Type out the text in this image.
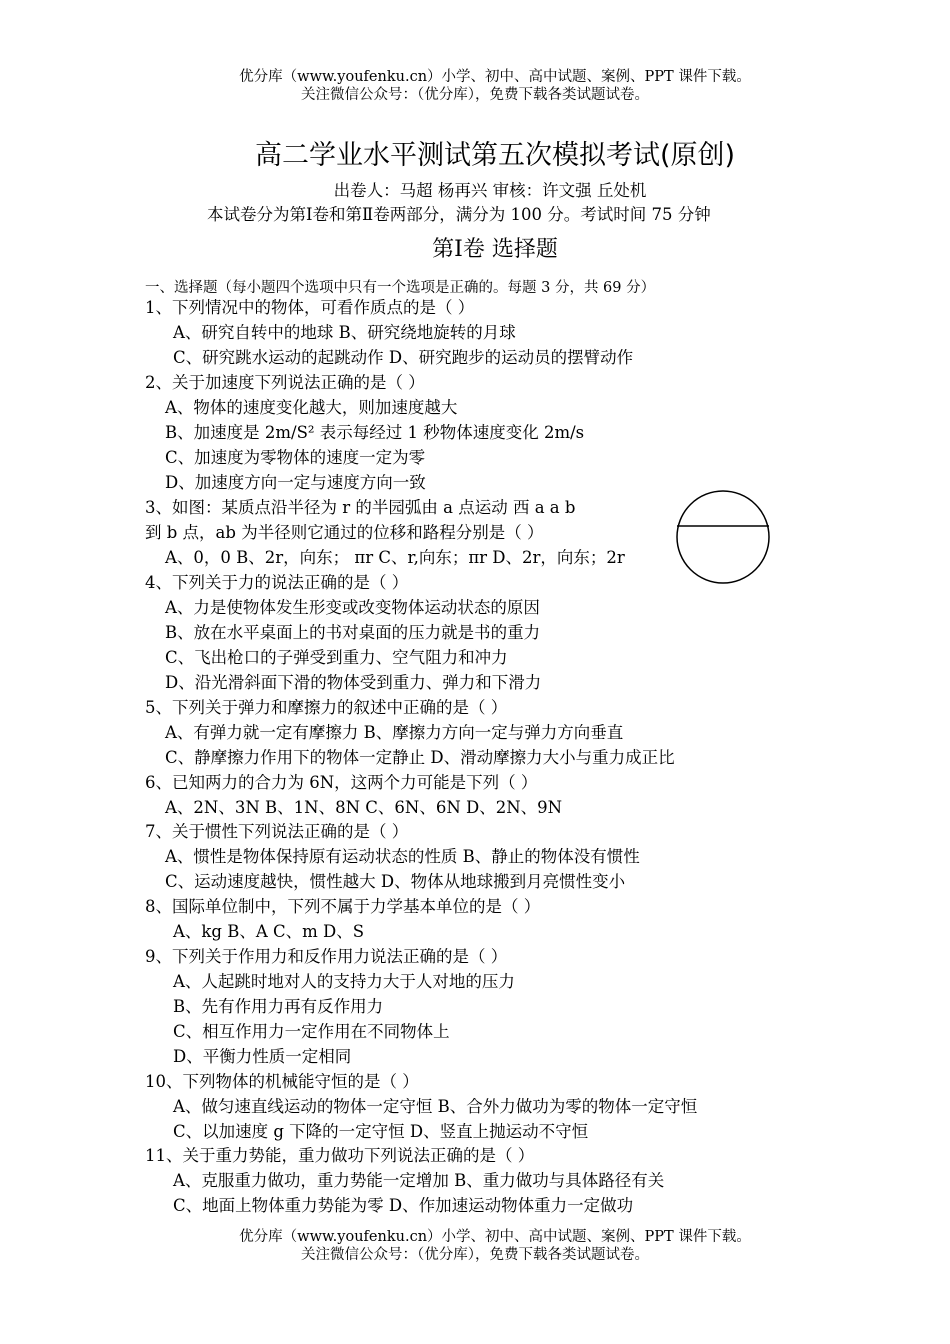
优分库（www.youfenku.cn）小学、初中、高中试题、案例、PPT 课件下载。
关注微信公众号：（优分库），免费下载各类试题试卷。
高二学业水平测试第五次模拟考试(原创)
出卷人：马超 杨再兴 审核：许文强 丘处机
本试卷分为第Ⅰ卷和第Ⅱ卷两部分，满分为 100 分。考试时间 75 分钟
第Ⅰ卷 选择题
一、选择题（每小题四个选项中只有一个选项是正确的。每题 3 分，共 69 分）
1、下列情况中的物体，可看作质点的是（ ）
A、研究自转中的地球 B、研究绕地旋转的月球
C、研究跳水运动的起跳动作 D、研究跑步的运动员的摆臂动作
2、关于加速度下列说法正确的是（ ）
A、物体的速度变化越大，则加速度越大
B、加速度是 2m/S² 表示每经过 1 秒物体速度变化 2m/s
C、加速度为零物体的速度一定为零
D、加速度方向一定与速度方向一致
3、如图：某质点沿半径为 r 的半园弧由 a 点运动 西 a a b
到 b 点，ab 为半径则它通过的位移和路程分别是（ ）
A、0，0 B、2r，向东； πr C、r,向东；πr D、2r，向东；2r
4、下列关于力的说法正确的是（ ）
A、力是使物体发生形变或改变物体运动状态的原因
B、放在水平桌面上的书对桌面的压力就是书的重力
C、飞出枪口的子弹受到重力、空气阻力和冲力
D、沿光滑斜面下滑的物体受到重力、弹力和下滑力
5、下列关于弹力和摩擦力的叙述中正确的是（ ）
A、有弹力就一定有摩擦力 B、摩擦力方向一定与弹力方向垂直
C、静摩擦力作用下的物体一定静止 D、滑动摩擦力大小与重力成正比
6、已知两力的合力为 6N，这两个力可能是下列（ ）
A、2N、3N B、1N、8N C、6N、6N D、2N、9N
7、关于惯性下列说法正确的是（ ）
A、惯性是物体保持原有运动状态的性质 B、静止的物体没有惯性
C、运动速度越快，惯性越大 D、物体从地球搬到月亮惯性变小
8、国际单位制中，下列不属于力学基本单位的是（ ）
A、kg B、A C、m D、S
9、下列关于作用力和反作用力说法正确的是（ ）
A、人起跳时地对人的支持力大于人对地的压力
B、先有作用力再有反作用力
C、相互作用力一定作用在不同物体上
D、平衡力性质一定相同
10、下列物体的机械能守恒的是（ ）
A、做匀速直线运动的物体一定守恒 B、合外力做功为零的物体一定守恒
C、以加速度 g 下降的一定守恒 D、竖直上抛运动不守恒
11、关于重力势能，重力做功下列说法正确的是（ ）
A、克服重力做功，重力势能一定增加 B、重力做功与具体路径有关
C、地面上物体重力势能为零 D、作加速运动物体重力一定做功
优分库（www.youfenku.cn）小学、初中、高中试题、案例、PPT 课件下载。
关注微信公众号：（优分库），免费下载各类试题试卷。
